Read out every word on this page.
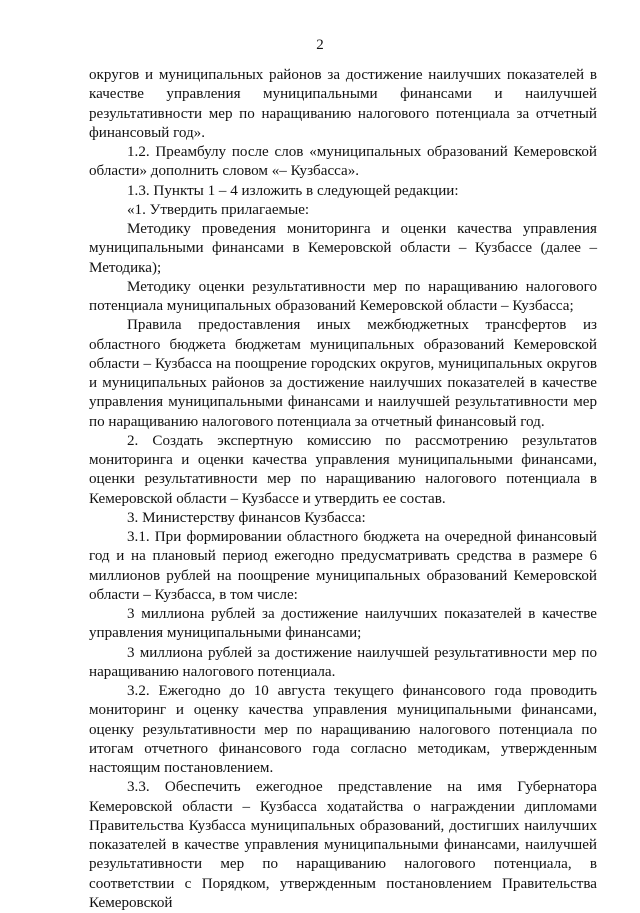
2

округов и муниципальных районов за достижение наилучших показателей в качестве управления муниципальными финансами и наилучшей результативности мер по наращиванию налогового потенциала за отчетный финансовый год».

1.2. Преамбулу после слов «муниципальных образований Кемеровской области» дополнить словом «– Кузбасса».

1.3. Пункты 1 – 4 изложить в следующей редакции:

«1. Утвердить прилагаемые:

Методику проведения мониторинга и оценки качества управления муниципальными финансами в Кемеровской области – Кузбассе (далее – Методика);

Методику оценки результативности мер по наращиванию налогового потенциала муниципальных образований Кемеровской области – Кузбасса;

Правила предоставления иных межбюджетных трансфертов из областного бюджета бюджетам муниципальных образований Кемеровской области – Кузбасса на поощрение городских округов, муниципальных округов и муниципальных районов за достижение наилучших показателей в качестве управления муниципальными финансами и наилучшей результативности мер по наращиванию налогового потенциала за отчетный финансовый год.

2. Создать экспертную комиссию по рассмотрению результатов мониторинга и оценки качества управления муниципальными финансами, оценки результативности мер по наращиванию налогового потенциала в Кемеровской области – Кузбассе и утвердить ее состав.

3. Министерству финансов Кузбасса:

3.1. При формировании областного бюджета на очередной финансовый год и на плановый период ежегодно предусматривать средства в размере 6 миллионов рублей на поощрение муниципальных образований Кемеровской области – Кузбасса, в том числе:

3 миллиона рублей за достижение наилучших показателей в качестве управления муниципальными финансами;

3 миллиона рублей за достижение наилучшей результативности мер по наращиванию налогового потенциала.

3.2. Ежегодно до 10 августа текущего финансового года проводить мониторинг и оценку качества управления муниципальными финансами, оценку результативности мер по наращиванию налогового потенциала по итогам отчетного финансового года согласно методикам, утвержденным настоящим постановлением.

3.3. Обеспечить ежегодное представление на имя Губернатора Кемеровской области – Кузбасса ходатайства о награждении дипломами Правительства Кузбасса муниципальных образований, достигших наилучших показателей в качестве управления муниципальными финансами, наилучшей результативности мер по наращиванию налогового потенциала, в соответствии с Порядком, утвержденным постановлением Правительства Кемеровской
